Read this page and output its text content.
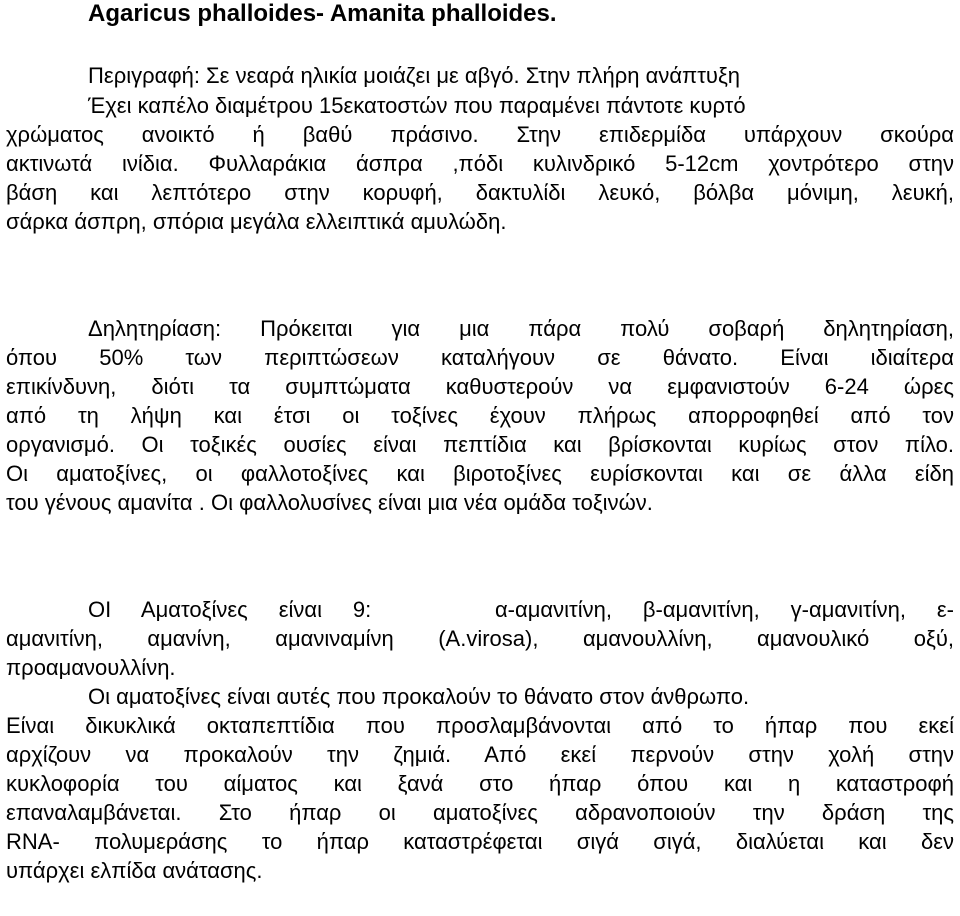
Agaricus phalloides- Amanita phalloides.
Περιγραφή: Σε νεαρά ηλικία μοιάζει με αβγό. Στην πλήρη ανάπτυξη
Έχει καπέλο διαμέτρου 15εκατοστών που παραμένει πάντοτε κυρτό
χρώματος ανοικτό ή βαθύ πράσινο. Στην επιδερμίδα υπάρχουν σκούρα
ακτινωτά ινίδια. Φυλλαράκια άσπρα ,πόδι κυλινδρικό 5-12cm χοντρότερο στην
βάση και λεπτότερο στην κορυφή, δακτυλίδι λευκό, βόλβα μόνιμη, λευκή,
σάρκα άσπρη, σπόρια μεγάλα ελλειπτικά αμυλώδη.
Δηλητηρίαση: Πρόκειται για μια πάρα πολύ σοβαρή δηλητηρίαση,
όπου 50% των περιπτώσεων καταλήγουν σε θάνατο. Είναι ιδιαίτερα
επικίνδυνη, διότι τα συμπτώματα καθυστερούν να εμφανιστούν 6-24 ώρες
από τη λήψη και έτσι οι τοξίνες έχουν πλήρως απορροφηθεί από τον
οργανισμό. Οι τοξικές ουσίες είναι πεπτίδια και βρίσκονται κυρίως στον πίλο.
Οι αματοξίνες, οι φαλλοτοξίνες και βιροτοξίνες ευρίσκονται και σε άλλα είδη
του γένους αμανίτα . Οι φαλλολυσίνες είναι μια νέα ομάδα τοξινών.
ΟΙ Αματοξίνες είναι 9:    α-αμανιτίνη, β-αμανιτίνη, γ-αμανιτίνη, ε-
αμανιτίνη, αμανίνη, αμανιναμίνη (A.virosa), αμανουλλίνη, αμανουλικό οξύ,
προαμανουλλίνη.
Οι αματοξίνες είναι αυτές που προκαλούν το θάνατο στον άνθρωπο.
Είναι δικυκλικά οκταπεπτίδια που προσλαμβάνονται από το ήπαρ που εκεί
αρχίζουν να προκαλούν την ζημιά. Από εκεί περνούν στην χολή στην
κυκλοφορία του αίματος και ξανά στο ήπαρ όπου και η καταστροφή
επαναλαμβάνεται. Στο ήπαρ οι αματοξίνες αδρανοποιούν την δράση της
RNA- πολυμεράσης το ήπαρ καταστρέφεται σιγά σιγά, διαλύεται και δεν
υπάρχει ελπίδα ανάτασης.
